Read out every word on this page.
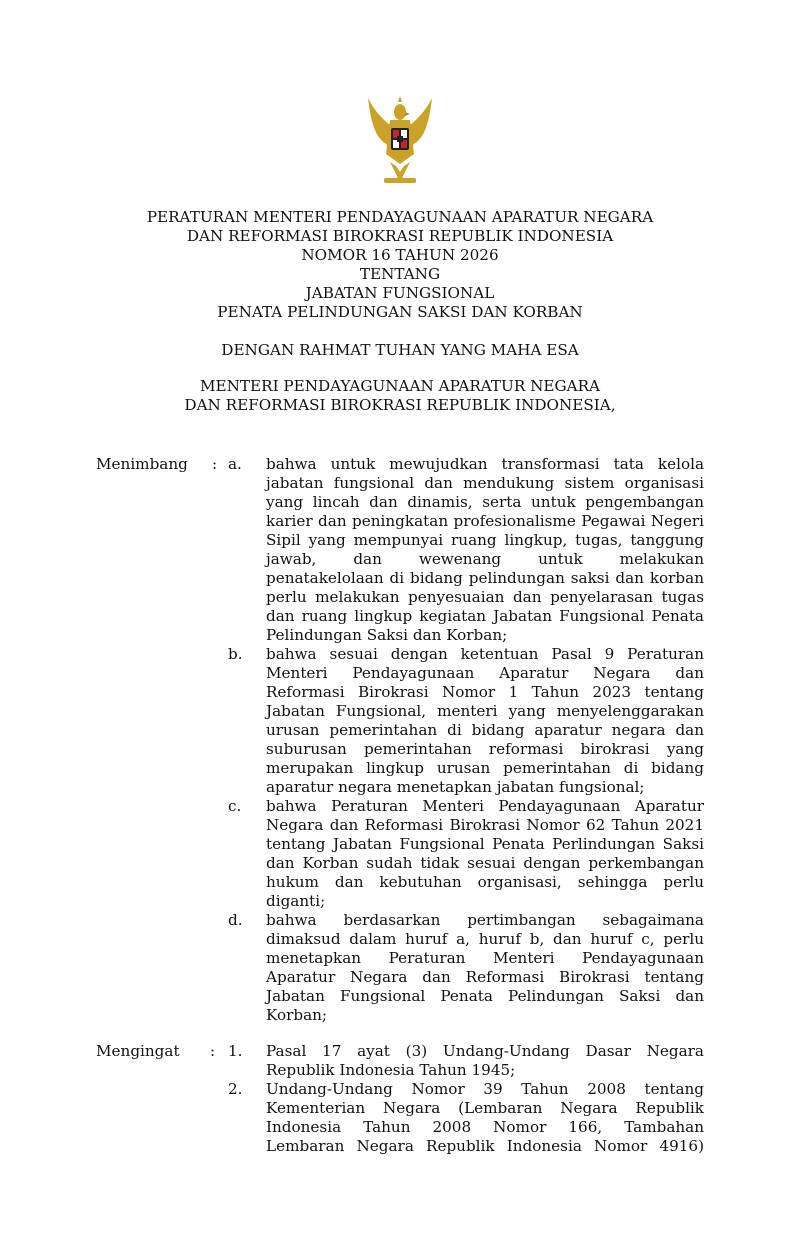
PERATURAN MENTERI PENDAYAGUNAAN APARATUR NEGARA
DAN REFORMASI BIROKRASI REPUBLIK INDONESIA
NOMOR 16 TAHUN 2026
TENTANG
JABATAN FUNGSIONAL
PENATA PELINDUNGAN SAKSI DAN KORBAN
DENGAN RAHMAT TUHAN YANG MAHA ESA
MENTERI PENDAYAGUNAAN APARATUR NEGARA
DAN REFORMASI BIROKRASI REPUBLIK INDONESIA,
Menimbang : a. bahwa untuk mewujudkan transformasi tata kelola
jabatan fungsional dan mendukung sistem organisasi
yang lincah dan dinamis, serta untuk pengembangan
karier dan peningkatan profesionalisme Pegawai Negeri
Sipil yang mempunyai ruang lingkup, tugas, tanggung
jawab, dan wewenang untuk melakukan
penatakelolaan di bidang pelindungan saksi dan korban
perlu melakukan penyesuaian dan penyelarasan tugas
dan ruang lingkup kegiatan Jabatan Fungsional Penata
Pelindungan Saksi dan Korban;
b. bahwa sesuai dengan ketentuan Pasal 9 Peraturan
Menteri Pendayagunaan Aparatur Negara dan
Reformasi Birokrasi Nomor 1 Tahun 2023 tentang
Jabatan Fungsional, menteri yang menyelenggarakan
urusan pemerintahan di bidang aparatur negara dan
suburusan pemerintahan reformasi birokrasi yang
merupakan lingkup urusan pemerintahan di bidang
aparatur negara menetapkan jabatan fungsional;
c. bahwa Peraturan Menteri Pendayagunaan Aparatur
Negara dan Reformasi Birokrasi Nomor 62 Tahun 2021
tentang Jabatan Fungsional Penata Perlindungan Saksi
dan Korban sudah tidak sesuai dengan perkembangan
hukum dan kebutuhan organisasi, sehingga perlu
diganti;
d. bahwa berdasarkan pertimbangan sebagaimana
dimaksud dalam huruf a, huruf b, dan huruf c, perlu
menetapkan Peraturan Menteri Pendayagunaan
Aparatur Negara dan Reformasi Birokrasi tentang
Jabatan Fungsional Penata Pelindungan Saksi dan
Korban;
Mengingat : 1. Pasal 17 ayat (3) Undang-Undang Dasar Negara
Republik Indonesia Tahun 1945;
2. Undang-Undang Nomor 39 Tahun 2008 tentang
Kementerian Negara (Lembaran Negara Republik
Indonesia Tahun 2008 Nomor 166, Tambahan
Lembaran Negara Republik Indonesia Nomor 4916)
